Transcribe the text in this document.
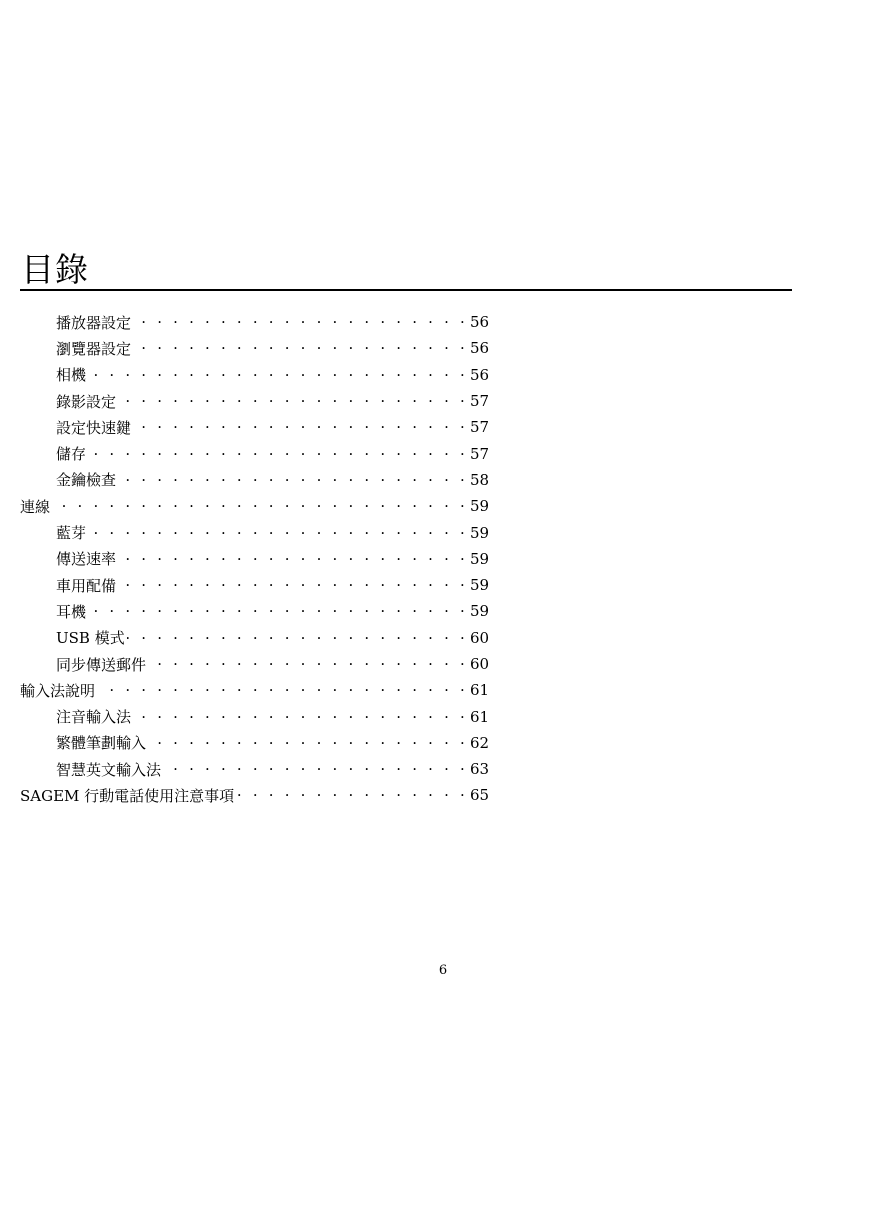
目錄
播放器設定 · · ·	56
瀏覽器設定 · · ·	56
相機 · · ·	56
錄影設定 · · ·	57
設定快速鍵 · · ·	57
儲存 · · ·	57
金鑰檢查 · · ·	58
連線 · · ·	59
藍芽 · · ·	59
傳送速率 · · ·	59
車用配備 · · ·	59
耳機 · · ·	59
USB 模式 · · ·	60
同步傳送郵件 · · ·	60
輸入法說明 · · ·	61
注音輸入法 · · ·	61
繁體筆劃輸入 · · ·	62
智慧英文輸入法 · · ·	63
SAGEM 行動電話使用注意事項 · · ·	65
6
